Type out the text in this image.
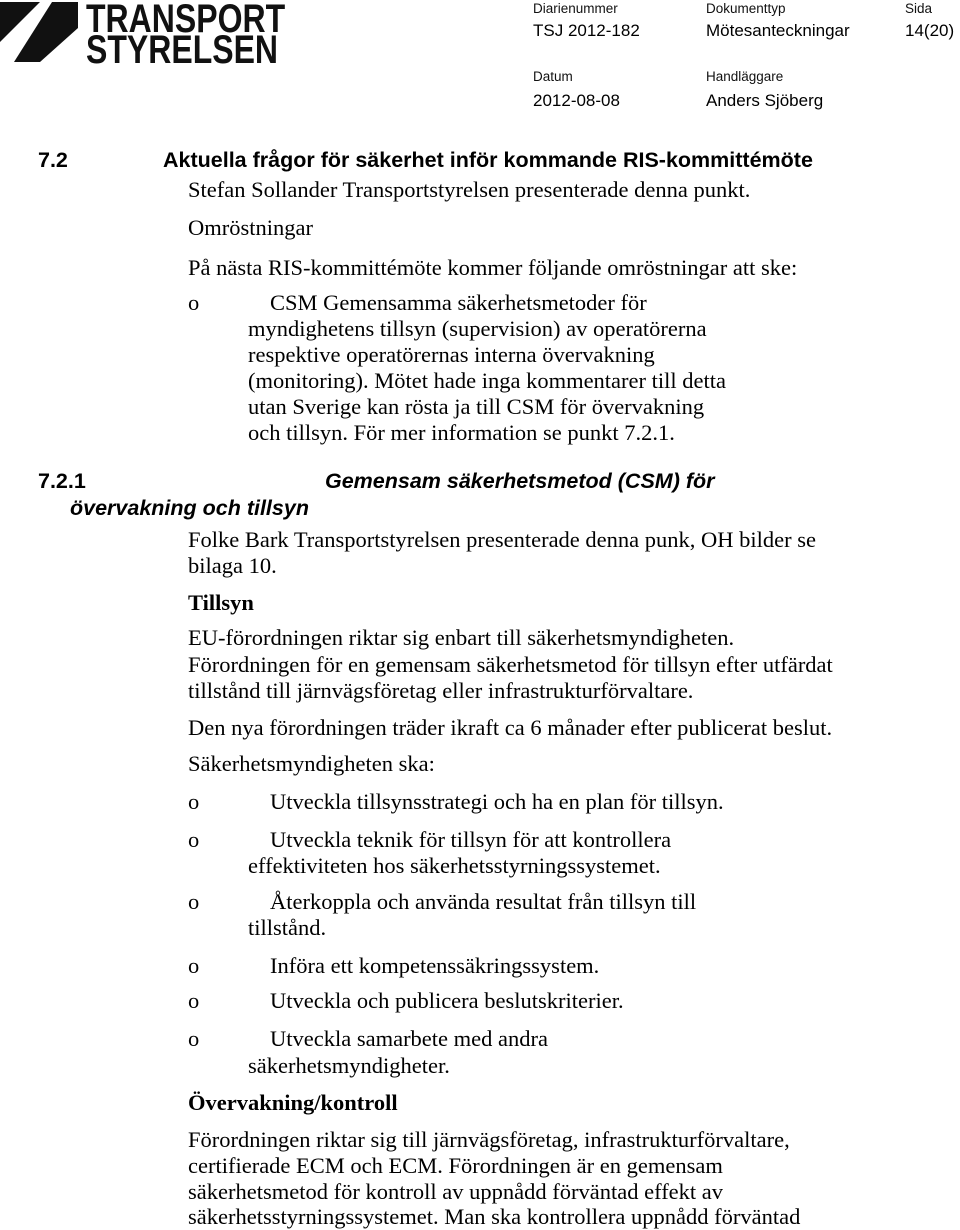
TRANSPORT
STYRELSEN
Diarienummer
TSJ 2012-182
Dokumenttyp
Mötesanteckningar
Sida
14(20)
Datum
2012-08-08
Handläggare
Anders Sjöberg
7.2	Aktuella frågor för säkerhet inför kommande RIS-kommittémöte
Stefan Sollander Transportstyrelsen presenterade denna punkt.
Omröstningar
På nästa RIS-kommittémöte kommer följande omröstningar att ske:
o	CSM Gemensamma säkerhetsmetoder för
myndighetens tillsyn (supervision) av operatörerna
respektive operatörernas interna övervakning
(monitoring). Mötet hade inga kommentarer till detta
utan Sverige kan rösta ja till CSM för övervakning
och tillsyn. För mer information se punkt 7.2.1.
7.2.1	Gemensam säkerhetsmetod (CSM) för
övervakning och tillsyn
Folke Bark Transportstyrelsen presenterade denna punk, OH bilder se
bilaga 10.
Tillsyn
EU-förordningen riktar sig enbart till säkerhetsmyndigheten.
Förordningen för en gemensam säkerhetsmetod för tillsyn efter utfärdat
tillstånd till järnvägsföretag eller infrastrukturförvaltare.
Den nya förordningen träder ikraft ca 6 månader efter publicerat beslut.
Säkerhetsmyndigheten ska:
o	Utveckla tillsynsstrategi och ha en plan för tillsyn.
o	Utveckla teknik för tillsyn för att kontrollera
effektiviteten hos säkerhetsstyrningssystemet.
o	Återkoppla och använda resultat från tillsyn till
tillstånd.
o	Införa ett kompetenssäkringssystem.
o	Utveckla och publicera beslutskriterier.
o	Utveckla samarbete med andra
säkerhetsmyndigheter.
Övervakning/kontroll
Förordningen riktar sig till järnvägsföretag, infrastrukturförvaltare,
certifierade ECM och ECM. Förordningen är en gemensam
säkerhetsmetod för kontroll av uppnådd förväntad effekt av
säkerhetsstyrningssystemet. Man ska kontrollera uppnådd förväntad
